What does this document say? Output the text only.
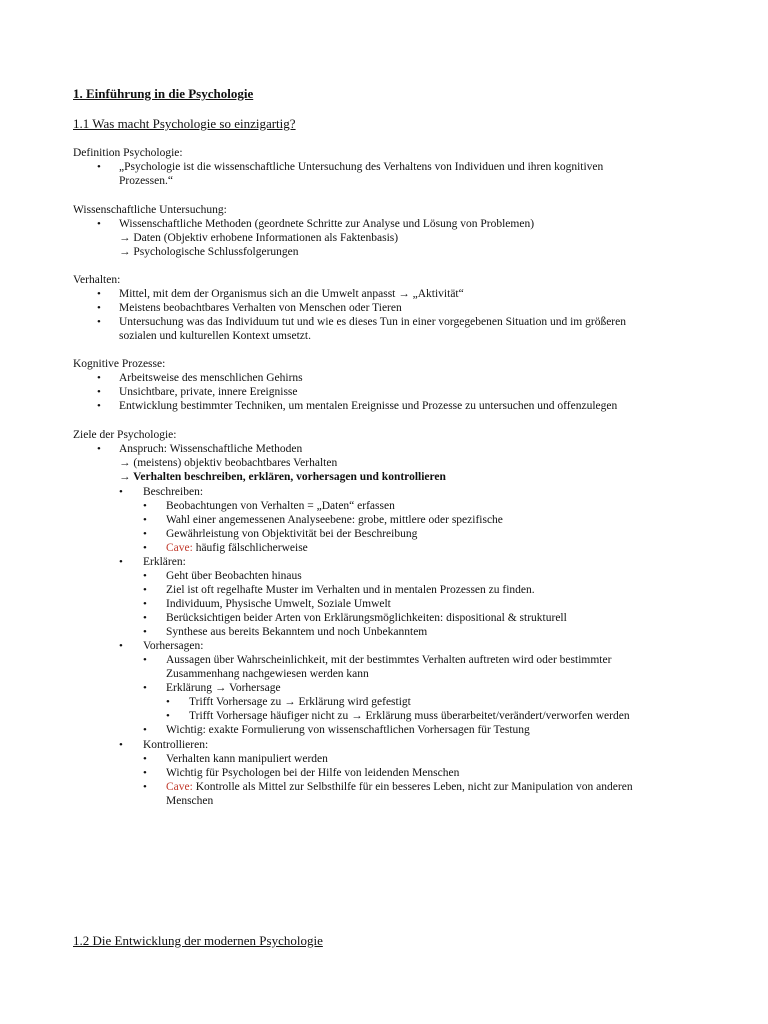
1. Einführung in die Psychologie
1.1 Was macht Psychologie so einzigartig?
Definition Psychologie:
• „Psychologie ist die wissenschaftliche Untersuchung des Verhaltens von Individuen und ihren kognitiven
Prozessen.“
Wissenschaftliche Untersuchung:
• Wissenschaftliche Methoden (geordnete Schritte zur Analyse und Lösung von Problemen)
→ Daten (Objektiv erhobene Informationen als Faktenbasis)
→ Psychologische Schlussfolgerungen
Verhalten:
• Mittel, mit dem der Organismus sich an die Umwelt anpasst → „Aktivität“
• Meistens beobachtbares Verhalten von Menschen oder Tieren
• Untersuchung was das Individuum tut und wie es dieses Tun in einer vorgegebenen Situation und im größeren
sozialen und kulturellen Kontext umsetzt.
Kognitive Prozesse:
• Arbeitsweise des menschlichen Gehirns
• Unsichtbare, private, innere Ereignisse
• Entwicklung bestimmter Techniken, um mentalen Ereignisse und Prozesse zu untersuchen und offenzulegen
Ziele der Psychologie:
• Anspruch: Wissenschaftliche Methoden
→ (meistens) objektiv beobachtbares Verhalten
→ Verhalten beschreiben, erklären, vorhersagen und kontrollieren
• Beschreiben:
• Beobachtungen von Verhalten = „Daten“ erfassen
• Wahl einer angemessenen Analyseebene: grobe, mittlere oder spezifische
• Gewährleistung von Objektivität bei der Beschreibung
• Cave: häufig fälschlicherweise
• Erklären:
• Geht über Beobachten hinaus
• Ziel ist oft regelhafte Muster im Verhalten und in mentalen Prozessen zu finden.
• Individuum, Physische Umwelt, Soziale Umwelt
• Berücksichtigen beider Arten von Erklärungsmöglichkeiten: dispositional & strukturell
• Synthese aus bereits Bekanntem und noch Unbekanntem
• Vorhersagen:
• Aussagen über Wahrscheinlichkeit, mit der bestimmtes Verhalten auftreten wird oder bestimmter
Zusammenhang nachgewiesen werden kann
• Erklärung → Vorhersage
• Trifft Vorhersage zu → Erklärung wird gefestigt
• Trifft Vorhersage häufiger nicht zu → Erklärung muss überarbeitet/verändert/verworfen werden
• Wichtig: exakte Formulierung von wissenschaftlichen Vorhersagen für Testung
• Kontrollieren:
• Verhalten kann manipuliert werden
• Wichtig für Psychologen bei der Hilfe von leidenden Menschen
• Cave: Kontrolle als Mittel zur Selbsthilfe für ein besseres Leben, nicht zur Manipulation von anderen
Menschen
1.2 Die Entwicklung der modernen Psychologie
